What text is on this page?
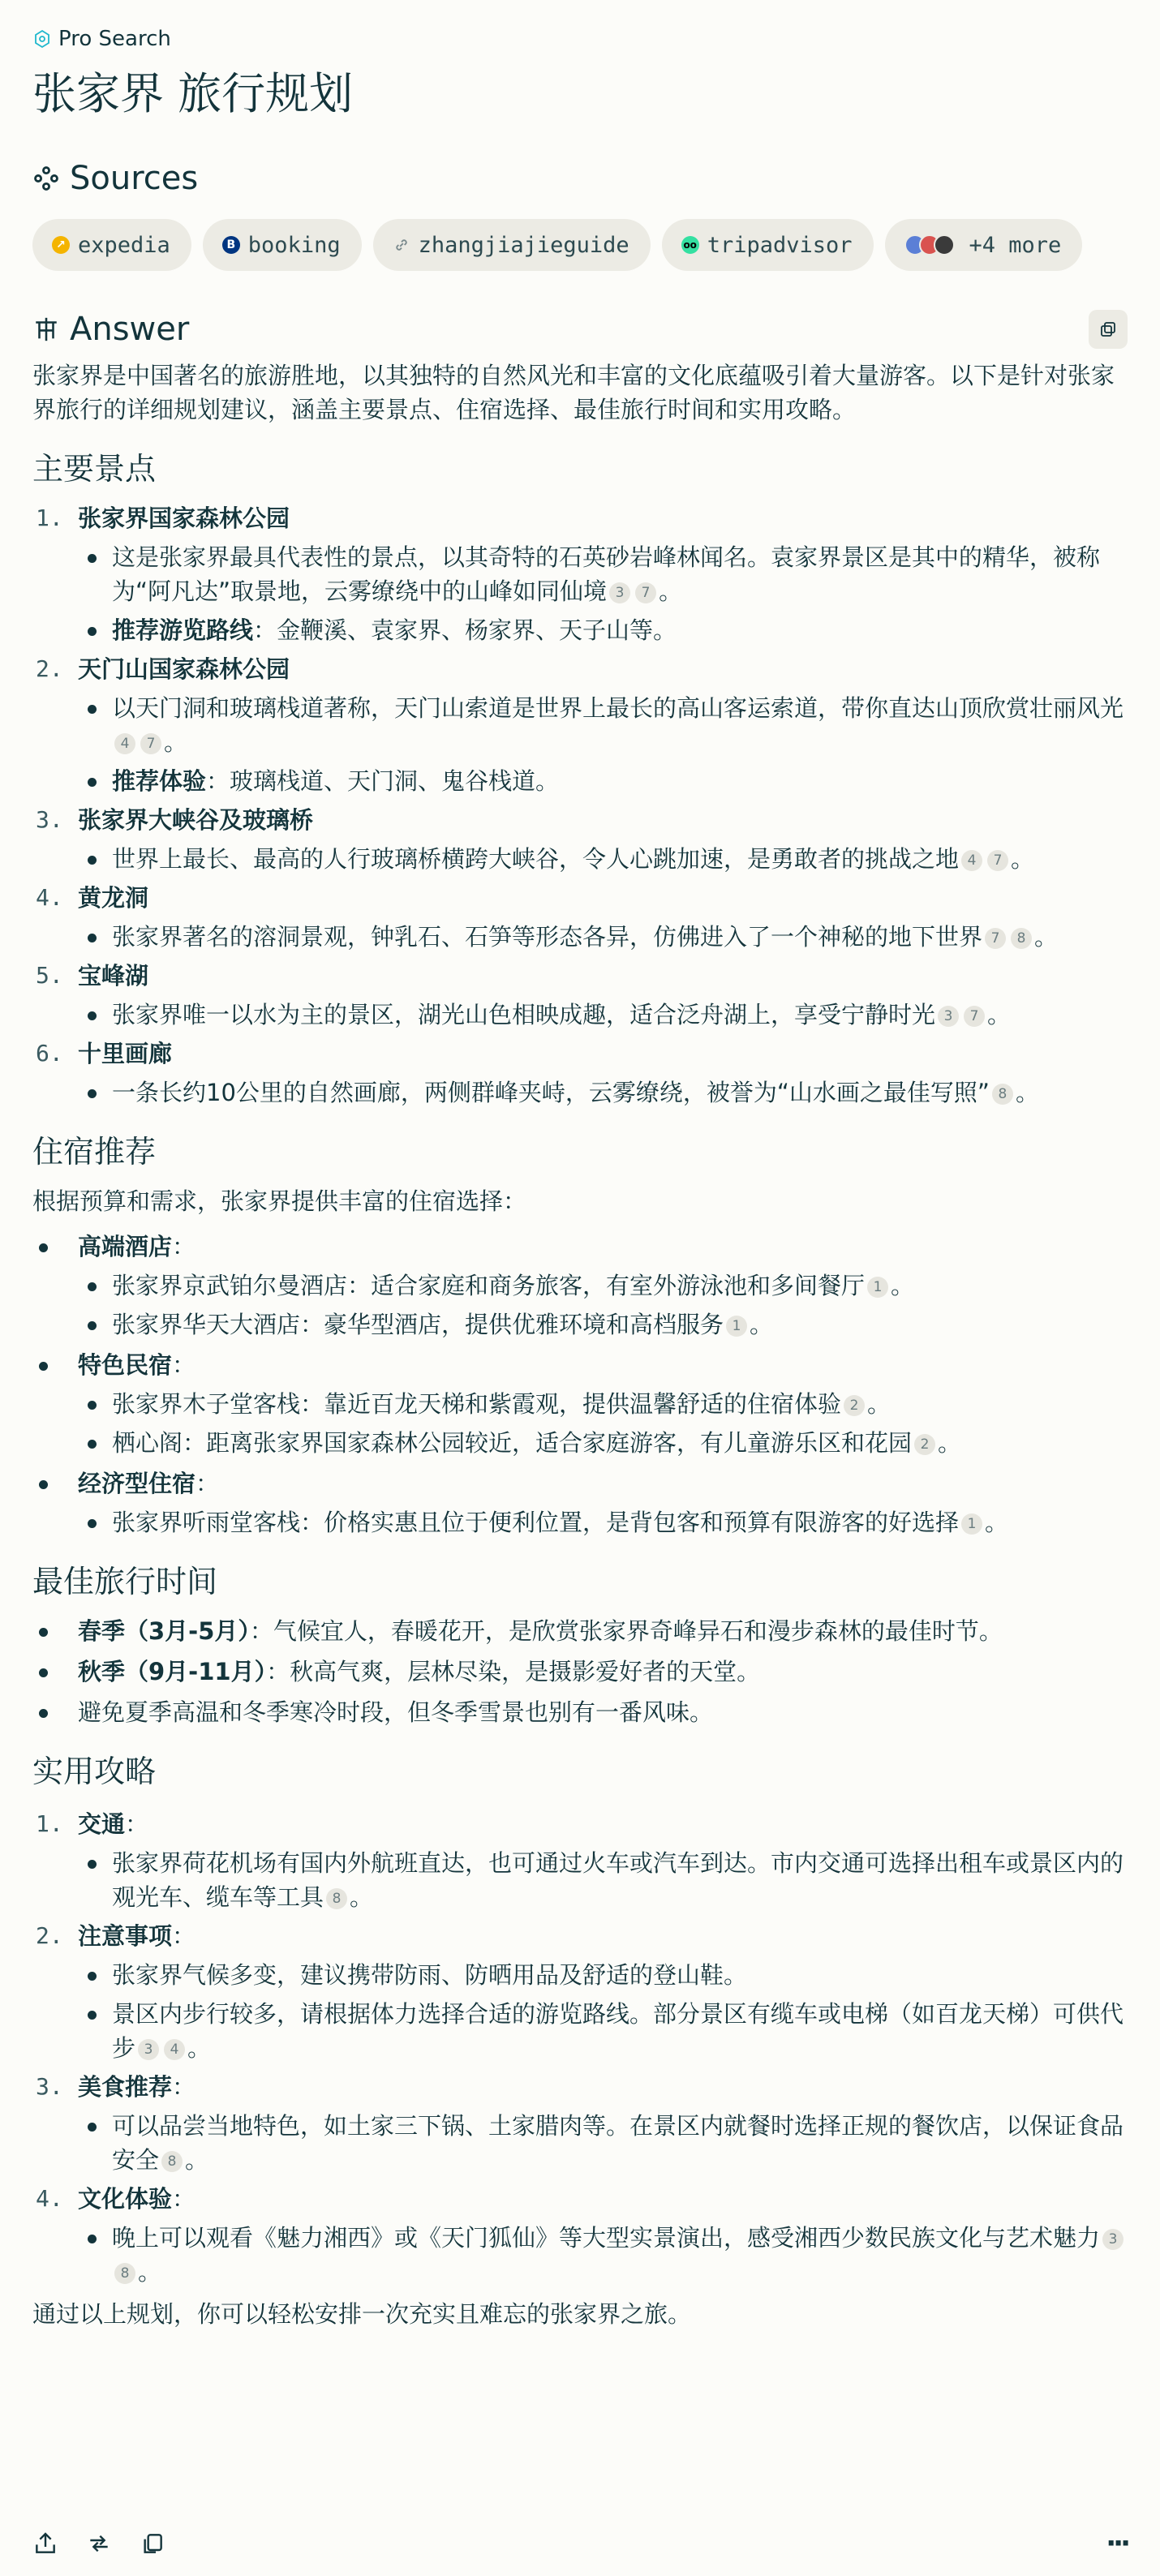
Pro Search
张家界 旅行规划
Sources
↗ expedia	B booking	zhangjiajieguide	oo tripadvisor	+4 more
Answer

张家界是中国著名的旅游胜地，以其独特的自然风光和丰富的文化底蕴吸引着大量游客。以下是针对张家界旅行的详细规划建议，涵盖主要景点、住宿选择、最佳旅行时间和实用攻略。

主要景点
1. 张家界国家森林公园
这是张家界最具代表性的景点，以其奇特的石英砂岩峰林闻名。袁家界景区是其中的精华，被称为“阿凡达”取景地，云雾缭绕中的山峰如同仙境 3 7 。
推荐游览路线：金鞭溪、袁家界、杨家界、天子山等。
2. 天门山国家森林公园
以天门洞和玻璃栈道著称，天门山索道是世界上最长的高山客运索道，带你直达山顶欣赏壮丽风光4 7 。
推荐体验：玻璃栈道、天门洞、鬼谷栈道。
3. 张家界大峡谷及玻璃桥
世界上最长、最高的人行玻璃桥横跨大峡谷，令人心跳加速，是勇敢者的挑战之地 4 7 。
4. 黄龙洞
张家界著名的溶洞景观，钟乳石、石笋等形态各异，仿佛进入了一个神秘的地下世界 7 8 。
5. 宝峰湖
张家界唯一以水为主的景区，湖光山色相映成趣，适合泛舟湖上，享受宁静时光 3 7 。
6. 十里画廊
一条长约10公里的自然画廊，两侧群峰夹峙，云雾缭绕，被誉为“山水画之最佳写照” 8 。
住宿推荐

根据预算和需求，张家界提供丰富的住宿选择：

高端酒店：
张家界京武铂尔曼酒店：适合家庭和商务旅客，有室外游泳池和多间餐厅 1 。
张家界华天大酒店：豪华型酒店，提供优雅环境和高档服务 1 。
特色民宿：
张家界木子堂客栈：靠近百龙天梯和紫霞观，提供温馨舒适的住宿体验 2 。
栖心阁：距离张家界国家森林公园较近，适合家庭游客，有儿童游乐区和花园 2 。
经济型住宿：
张家界听雨堂客栈：价格实惠且位于便利位置，是背包客和预算有限游客的好选择 1 。
最佳旅行时间
春季（3月-5月）：气候宜人，春暖花开，是欣赏张家界奇峰异石和漫步森林的最佳时节。
秋季（9月-11月）：秋高气爽，层林尽染，是摄影爱好者的天堂。
避免夏季高温和冬季寒冷时段，但冬季雪景也别有一番风味。
实用攻略
1. 交通：
张家界荷花机场有国内外航班直达，也可通过火车或汽车到达。市内交通可选择出租车或景区内的观光车、缆车等工具 8 。
2. 注意事项：
张家界气候多变，建议携带防雨、防晒用品及舒适的登山鞋。
景区内步行较多，请根据体力选择合适的游览路线。部分景区有缆车或电梯（如百龙天梯）可供代步 3 4 。
3. 美食推荐：
可以品尝当地特色，如土家三下锅、土家腊肉等。在景区内就餐时选择正规的餐饮店，以保证食品安全 8 。
4. 文化体验：
晚上可以观看《魅力湘西》或《天门狐仙》等大型实景演出，感受湘西少数民族文化与艺术魅力 38 。

通过以上规划，你可以轻松安排一次充实且难忘的张家界之旅。

···
